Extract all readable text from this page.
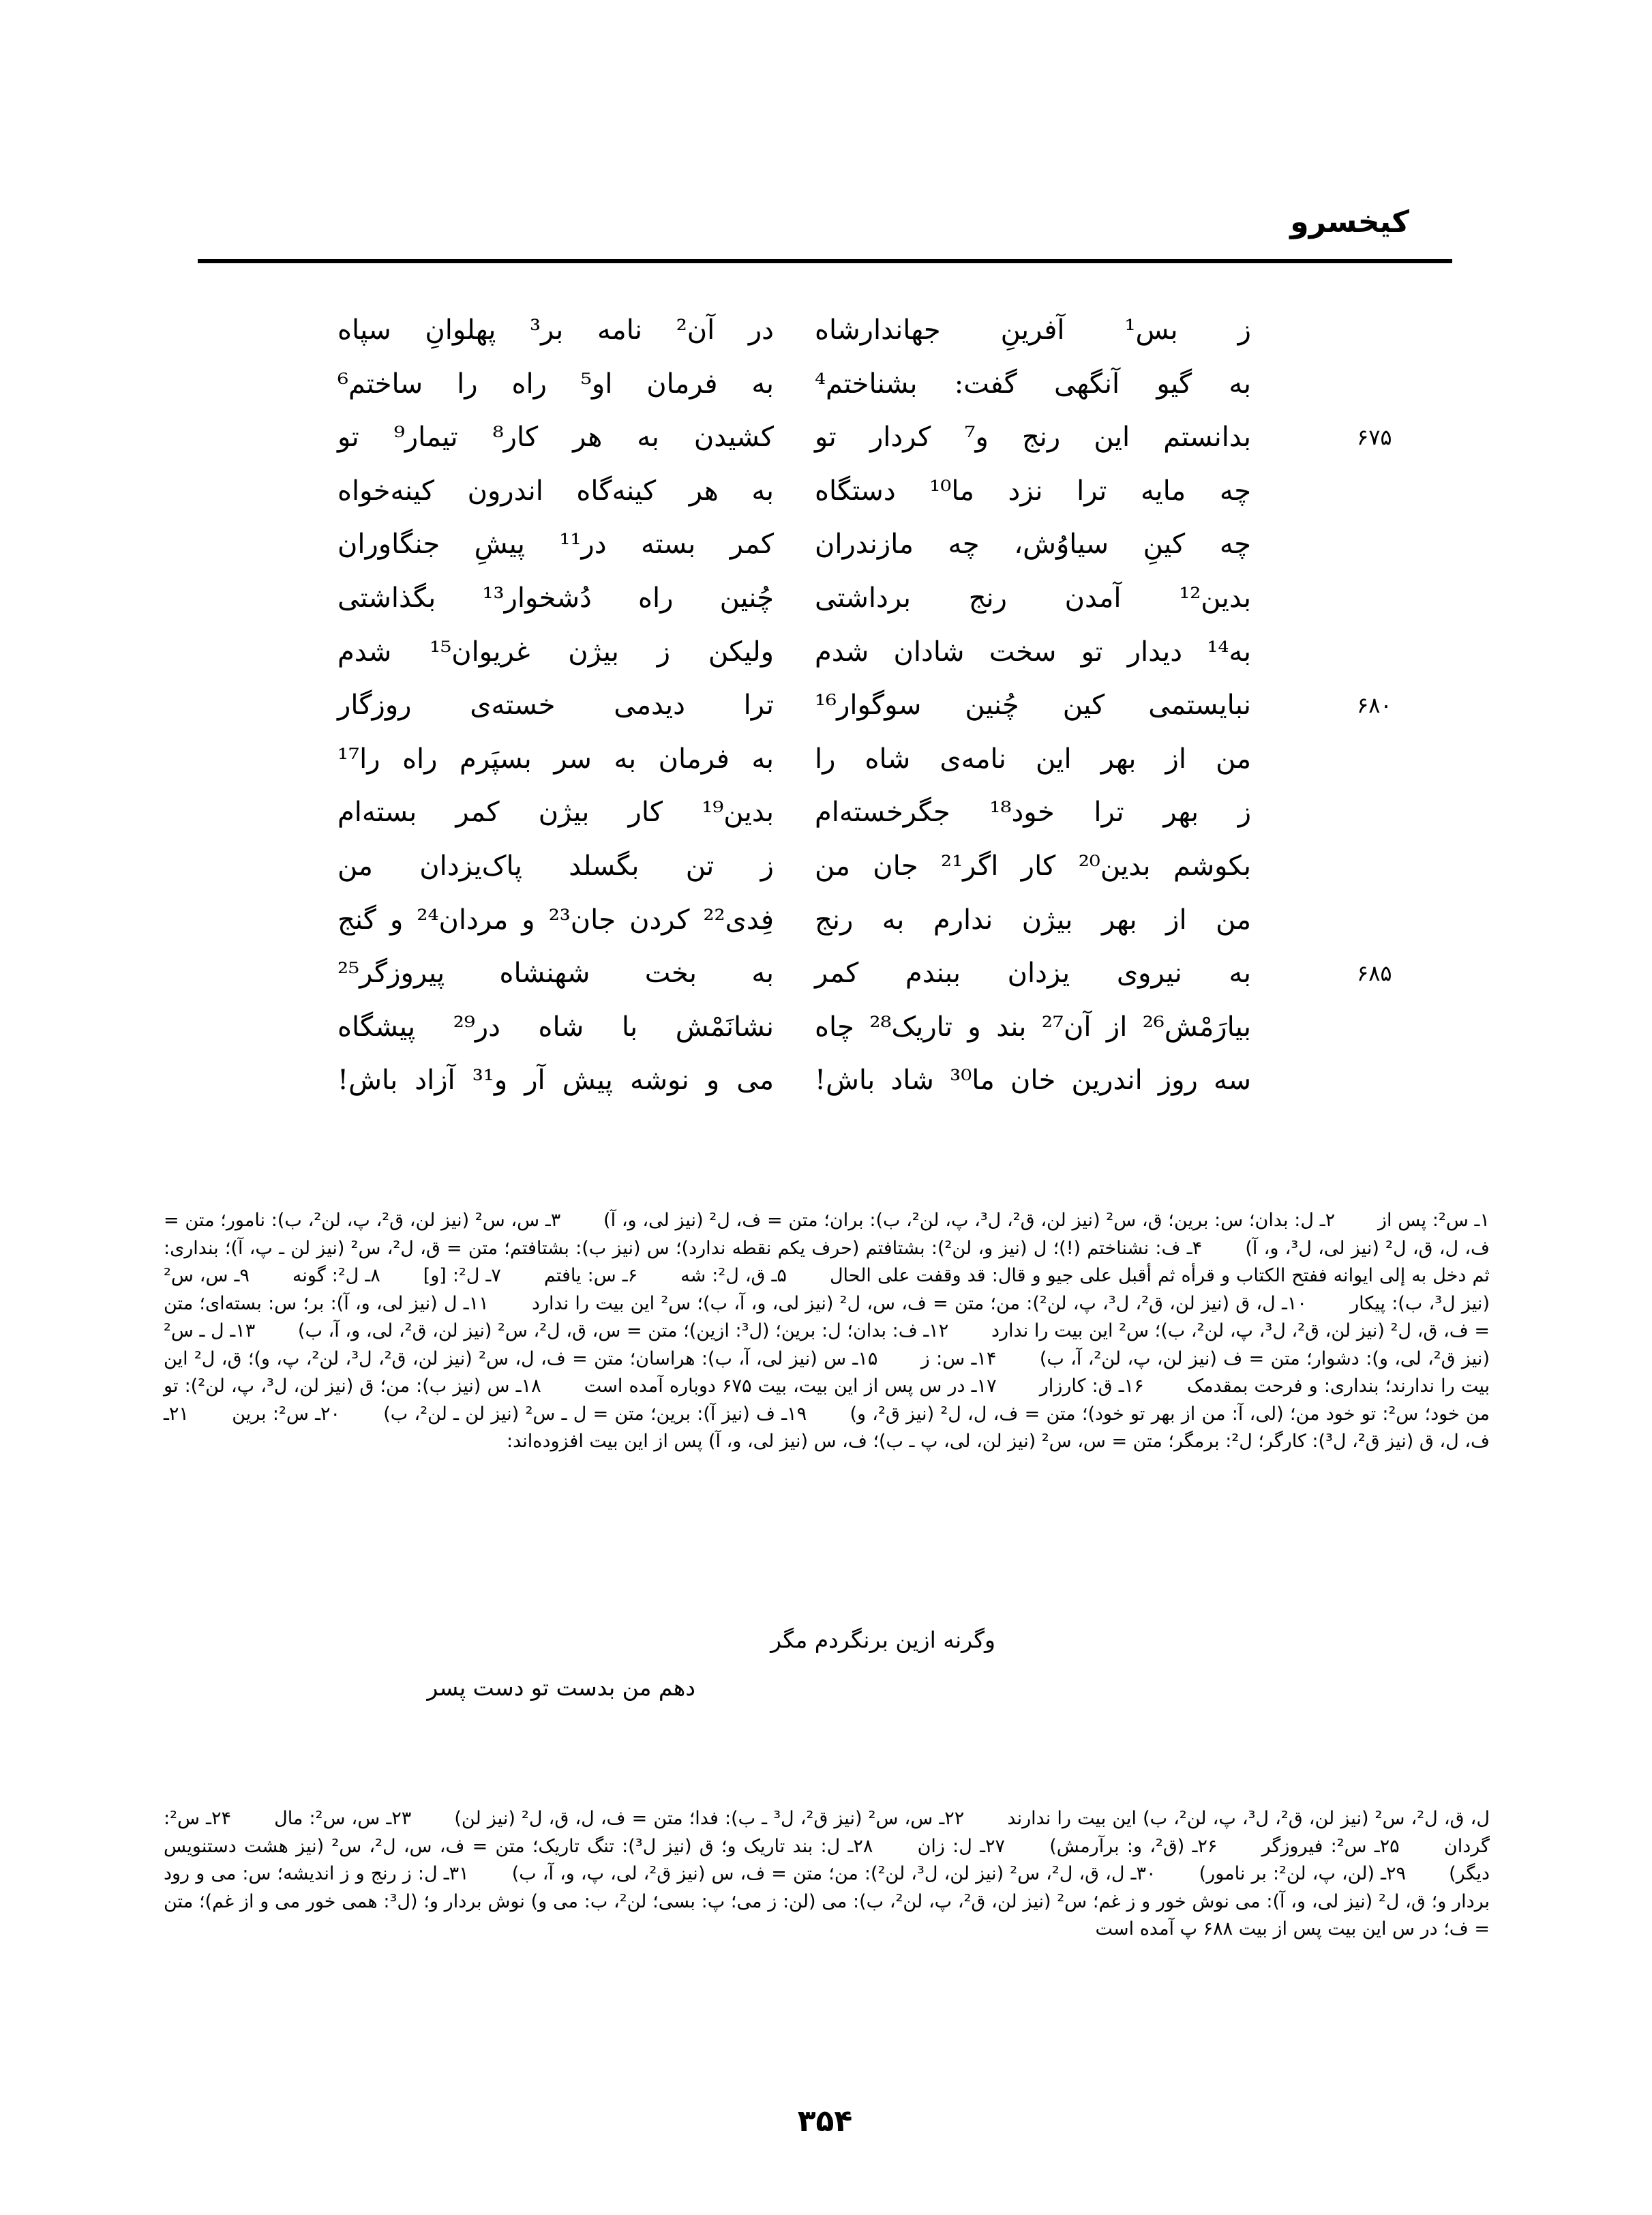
کیخسرو
ز بس¹ آفرینِ جهاندارشاه
در آن² نامه بر³ پهلوانِ سپاه
به گیو آنگهی گفت: بشناختم⁴
به فرمان او⁵ راه را ساختم⁶
۶۷۵
بدانستم این رنج و⁷ کردار تو
کشیدن به هر کار⁸ تیمار⁹ تو
چه مایه ترا نزد ما¹⁰ دستگاه
به هر کینه‌گاه اندرون کینه‌خواه
چه کینِ سیاوُش، چه مازندران
کمر بسته در¹¹ پیشِ جنگاوران
بدین¹² آمدن رنج برداشتی
چُنین راه دُشخوار¹³ بگذاشتی
به¹⁴ دیدار تو سخت شادان شدم
ولیکن ز بیژن غریوان¹⁵ شدم
۶۸۰
نبایستمی کین چُنین سوگوار¹⁶
ترا دیدمی خسته‌ی روزگار
من از بهر این نامه‌ی شاه را
به فرمان به سر بسپَرم راه را¹⁷
ز بهر ترا خود¹⁸ جگرخسته‌ام
بدین¹⁹ کار بیژن کمر بسته‌ام
بکوشم بدین²⁰ کار اگر²¹ جان من
ز تن بگسلد پاک‌یزدان من
من از بهر بیژن ندارم به رنج
فِدی²² کردن جان²³ و مردان²⁴ و گنج
۶۸۵
به نیروی یزدان ببندم کمر
به بخت شهنشاه پیروزگر²⁵
بیارَمْش²⁶ از آن²⁷ بند و تاریک²⁸ چاه
نشانَمْش با شاه در²⁹ پیشگاه
سه روز اندرین خان ما³⁰ شاد باش!
می و نوشه پیش آر و³¹ آزاد باش!

۱ـ س²: پس از   ۲ـ ل: بدان؛ س: برین؛ ق، س² (نیز لن، ق²، ل³، پ، لن²، ب): بران؛ متن = ف، ل² (نیز لی، و، آ)   ۳ـ س، س² (نیز لن، ق²، پ، لن²، ب): نامور؛ متن = ف، ل، ق، ل² (نیز لی، ل³، و، آ)   ۴ـ ف: نشناختم (!)؛ ل (نیز و، لن²): بشتافتم (حرف یکم نقطه ندارد)؛ س (نیز ب): بشتافتم؛ متن = ق، ل²، س² (نیز لن ـ پ، آ)؛ بنداری: ثم دخل به إلی ایوانه ففتح الکتاب و قرأه ثم أقبل علی جیو و قال: قد وقفت علی الحال   ۵ـ ق، ل²: شه   ۶ـ س: یافتم   ۷ـ ل²: [و]   ۸ـ ل²: گونه   ۹ـ س، س² (نیز ل³، ب): پیکار   ۱۰ـ ل، ق (نیز لن، ق²، ل³، پ، لن²): من؛ متن = ف، س، ل² (نیز لی، و، آ، ب)؛ س² این بیت را ندارد   ۱۱ـ ل (نیز لی، و، آ): بر؛ س: بسته‌ای؛ متن = ف، ق، ل² (نیز لن، ق²، ل³، پ، لن²، ب)؛ س² این بیت را ندارد   ۱۲ـ ف: بدان؛ ل: برین؛ (ل³: ازین)؛ متن = س، ق، ل²، س² (نیز لن، ق²، لی، و، آ، ب)   ۱۳ـ ل ـ س² (نیز ق²، لی، و): دشوار؛ متن = ف (نیز لن، پ، لن²، آ، ب)   ۱۴ـ س: ز   ۱۵ـ س (نیز لی، آ، ب): هراسان؛ متن = ف، ل، س² (نیز لن، ق²، ل³، لن²، پ، و)؛ ق، ل² این بیت را ندارند؛ بنداری: و فرحت بمقدمک   ۱۶ـ ق: کارزار   ۱۷ـ در س پس از این بیت، بیت ۶۷۵ دوباره آمده است   ۱۸ـ س (نیز ب): من؛ ق (نیز لن، ل³، پ، لن²): تو من خود؛ س²: تو خود من؛ (لی، آ: من از بهر تو خود)؛ متن = ف، ل، ل² (نیز ق²، و)   ۱۹ـ ف (نیز آ): برین؛ متن = ل ـ س² (نیز لن ـ لن²، ب)   ۲۰ـ س²: برین   ۲۱ـ ف، ل، ق (نیز ق²، ل³): کارگر؛ ل²: برمگر؛ متن = س، س² (نیز لن، لی، پ ـ ب)؛ ف، س (نیز لی، و، آ) پس از این بیت افزوده‌اند:

وگرنه ازین برنگردم مگر
دهم من بدست تو دست پسر

ل، ق، ل²، س² (نیز لن، ق²، ل³، پ، لن²، ب) این بیت را ندارند   ۲۲ـ س، س² (نیز ق²، ل³ ـ ب): فدا؛ متن = ف، ل، ق، ل² (نیز لن)   ۲۳ـ س، س²: مال   ۲۴ـ س²: گردان   ۲۵ـ س²: فیروزگر   ۲۶ـ (ق²، و: برآرمش)   ۲۷ـ ل: زان   ۲۸ـ ل: بند تاریک و؛ ق (نیز ل³): تنگ تاریک؛ متن = ف، س، ل²، س² (نیز هشت دستنویس دیگر)   ۲۹ـ (لن، پ، لن²: بر نامور)   ۳۰ـ ل، ق، ل²، س² (نیز لن، ل³، لن²): من؛ متن = ف، س (نیز ق²، لی، پ، و، آ، ب)   ۳۱ـ ل: ز رنج و ز اندیشه؛ س: می و رود بردار و؛ ق، ل² (نیز لی، و، آ): می نوش خور و ز غم؛ س² (نیز لن، ق²، پ، لن²، ب): می (لن: ز می؛ پ: بسی؛ لن²، ب: می و) نوش بردار و؛ (ل³: همی خور می و از غم)؛ متن = ف؛ در س این بیت پس از بیت ۶۸۸ پ آمده است

۳۵۴
